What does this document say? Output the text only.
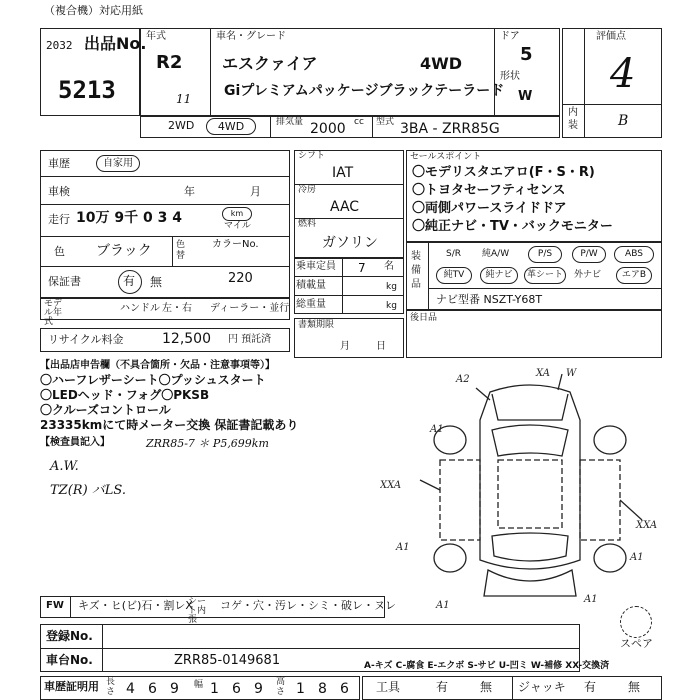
（複合機）対応用紙
出品No.
2032
5213
年式
R2
11
車名・グレード
エスクァイア	4WD
Giプレミアムパッケージブラックテーラード
ドア
5
形状
W
評価点
4
内装	B
2WD	4WD	排気量 2000 cc 型式 3BA - ZRR85G
車歴	自家用
車検	年	月
走行 10万 9千 0 3 4	km
マイル
色 ブラック	色替
カラーNo.
220
保証書	有 無
モデル年式
ハンドル 左・右 ディーラー・並行
リサイクル料金	12,500 円 預託済
シフト
IAT
冷房
AAC
燃料
ガソリン
乗車定員 7 名
積載量	kg
総重量	kg
書類期限
月	日
セールスポイント
〇モデリスタエアロ(F・S・R)
〇トヨタセーフティセンス
〇両側パワースライドドア
〇純正ナビ・TV・バックモニター
装備品
S/R 純A/W	P/S	P/W	ABS
純TV	純ナビ	革シート	外ナビ	エアB
ナビ型番 NSZT-Y68T
後日品
【出品店申告欄（不具合箇所・欠品・注意事項等）】
〇ハーフレザーシート〇プッシュスタート
〇LEDヘッド・フォグ〇PKSB
〇クルーズコントロール
23335kmにて時メーター交換 保証書記載あり
【検査員記入】	ZRR85-7 ＊ P5,699km
A.W.
TZ(R) バLS.
A2
XA W
A1
XXA
XXA
A1
A1
A1
A1
FW キズ・ヒ(ビ)石・割レX
シート内張
コゲ・穴・汚レ・シミ・破レ・ヌレ
スペア
登録No.
車台No.	ZRR85-0149681	A-キズ C-腐食 E-エクボ S-サビ U-凹ミ W-補修 XX-交換済
車歴証明用 長さ 4 6 9 幅 1 6 9 高さ 1 8 6 工具	有	無 ジャッキ 有	無
